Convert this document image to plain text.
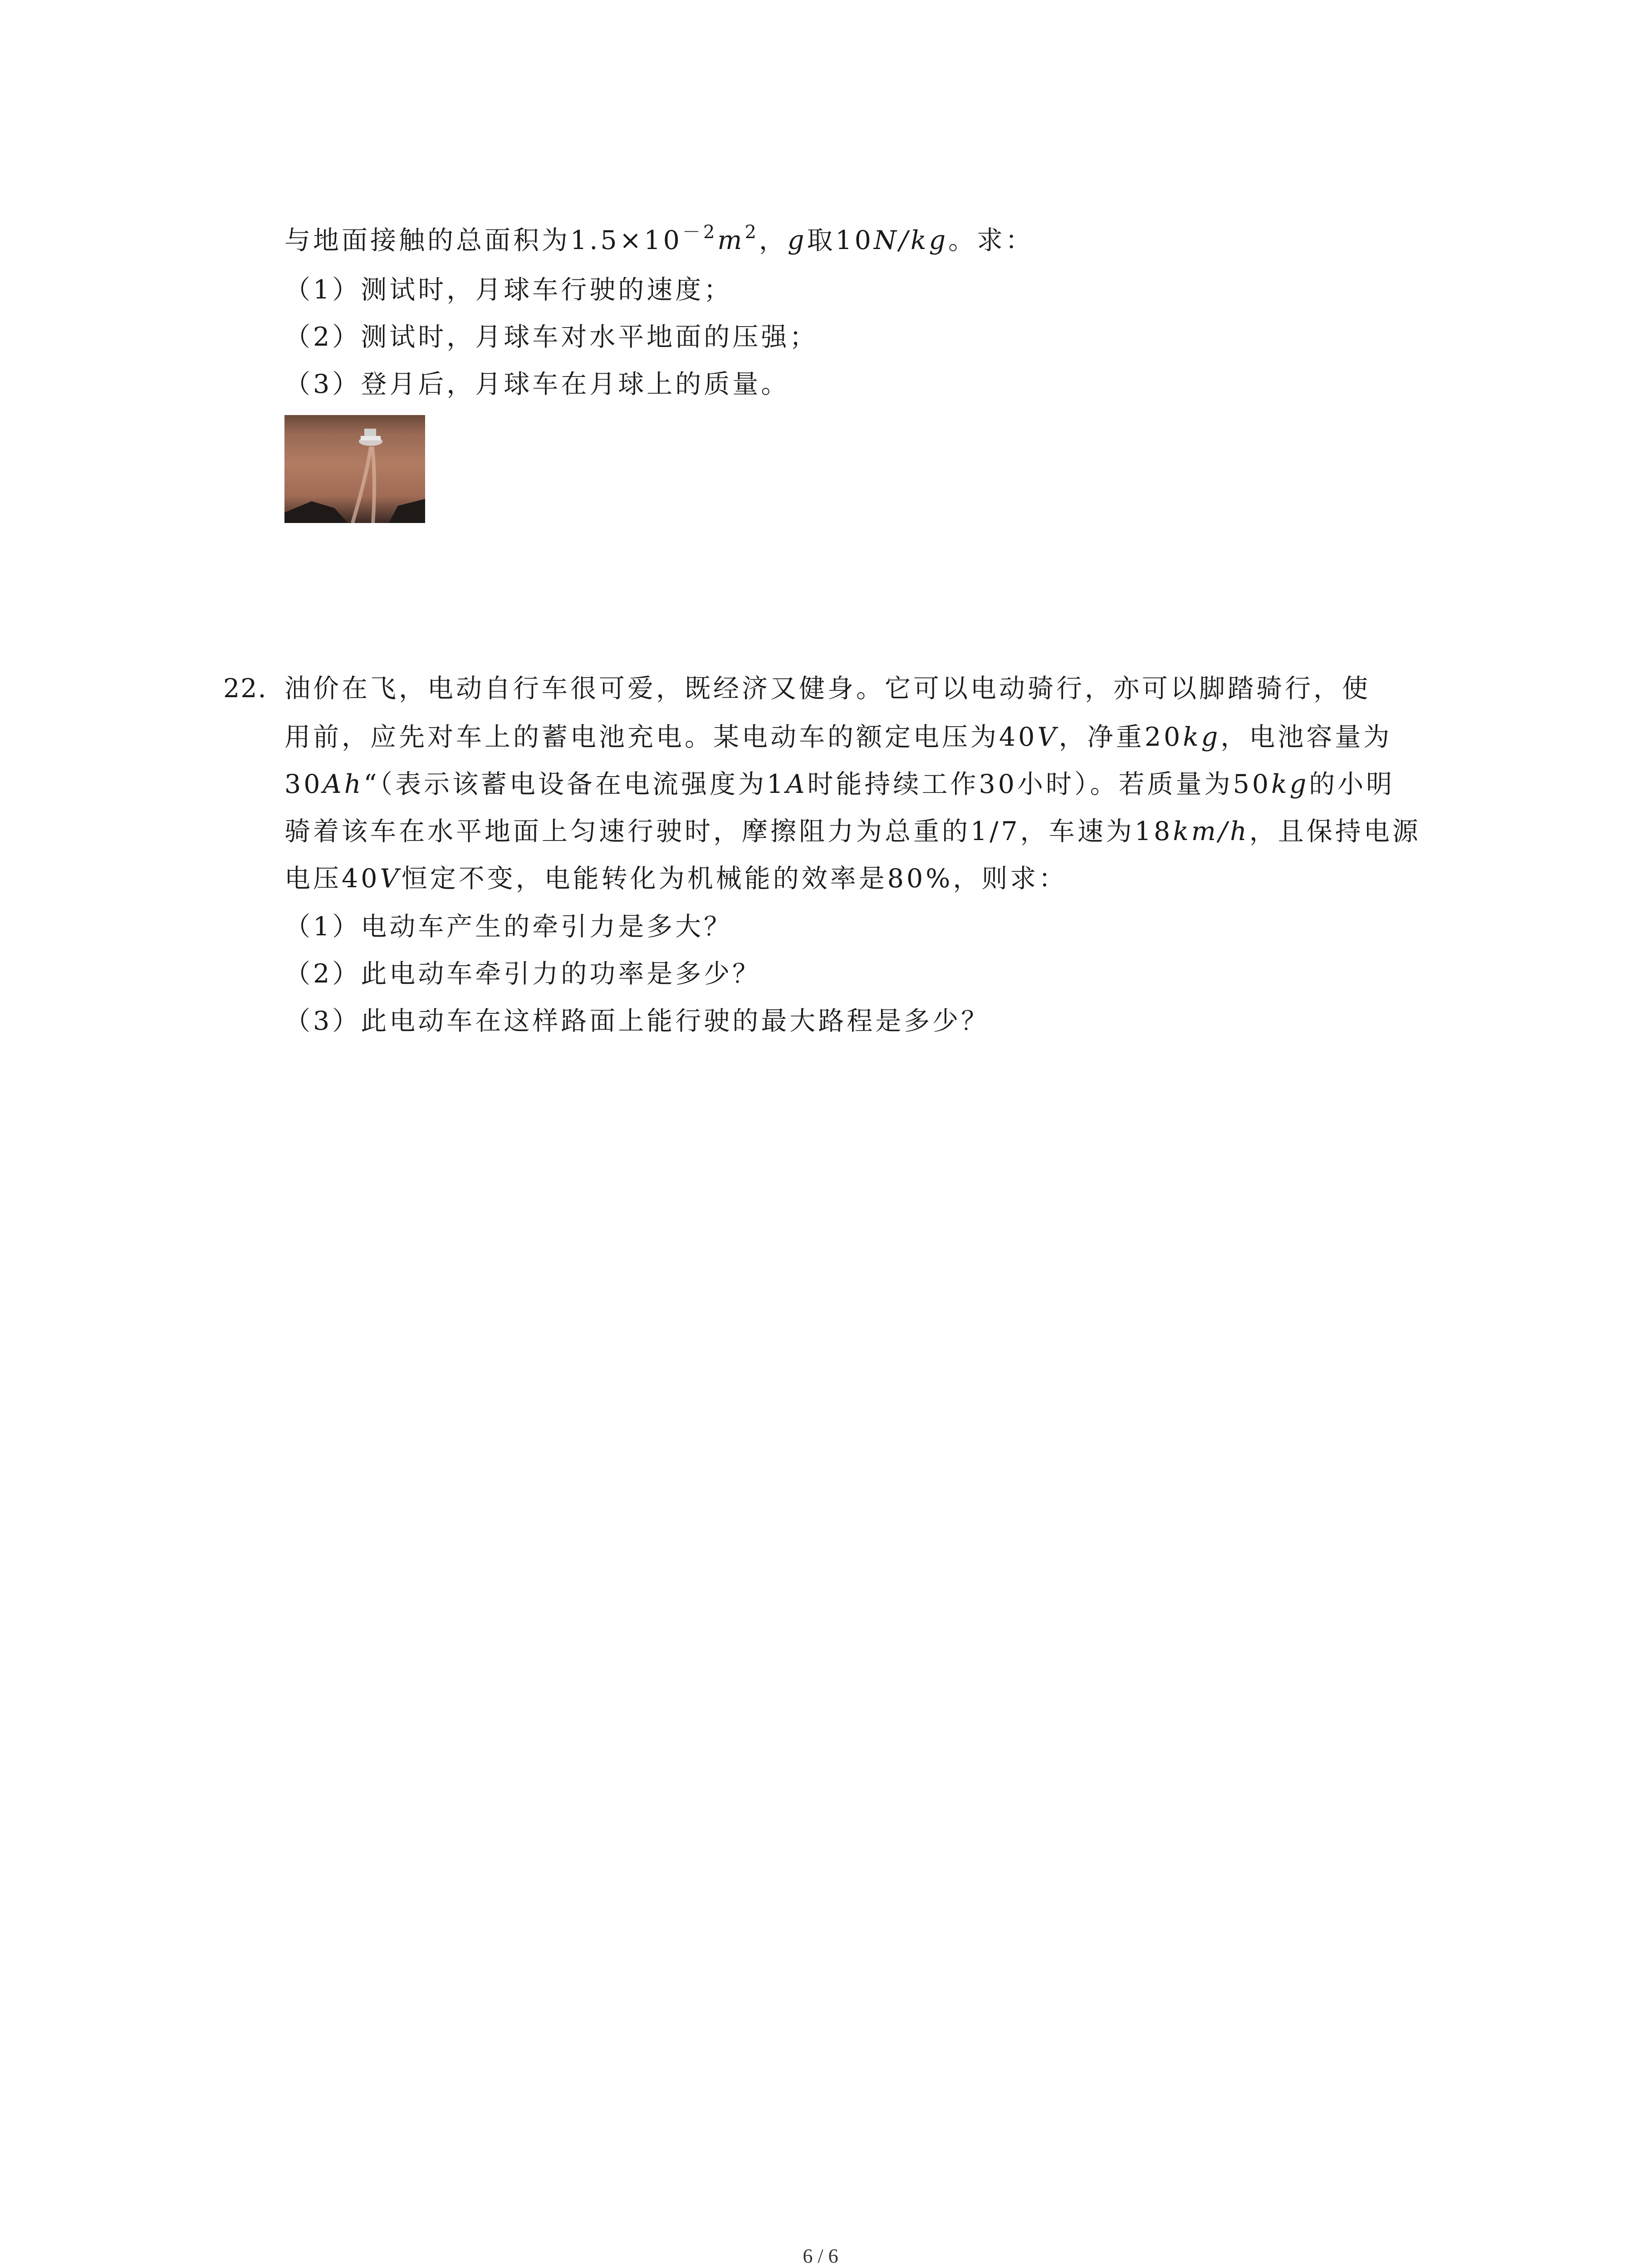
与地面接触的总面积为$1.5\times 10^{-2}m^2$，g取10N/kg。求：
（1）测试时，月球车行驶的速度；
（2）测试时，月球车对水平地面的压强；
（3）登月后，月球车在月球上的质量。
22. 油价在飞，电动自行车很可爱，既经济又健身。它可以电动骑行，亦可以脚踏骑行，使
用前，应先对车上的蓄电池充电。某电动车的额定电压为40V，净重20kg，电池容量为
30Ah“（表示该蓄电设备在电流强度为1A时能持续工作30小时）。若质量为50kg的小明
骑着该车在水平地面上匀速行驶时，摩擦阻力为总重的1/7，车速为18km/h，且保持电源
电压40V恒定不变，电能转化为机械能的效率是80%，则求：
（1）电动车产生的牵引力是多大？
（2）此电动车牵引力的功率是多少？
（3）此电动车在这样路面上能行驶的最大路程是多少？
6 / 6
